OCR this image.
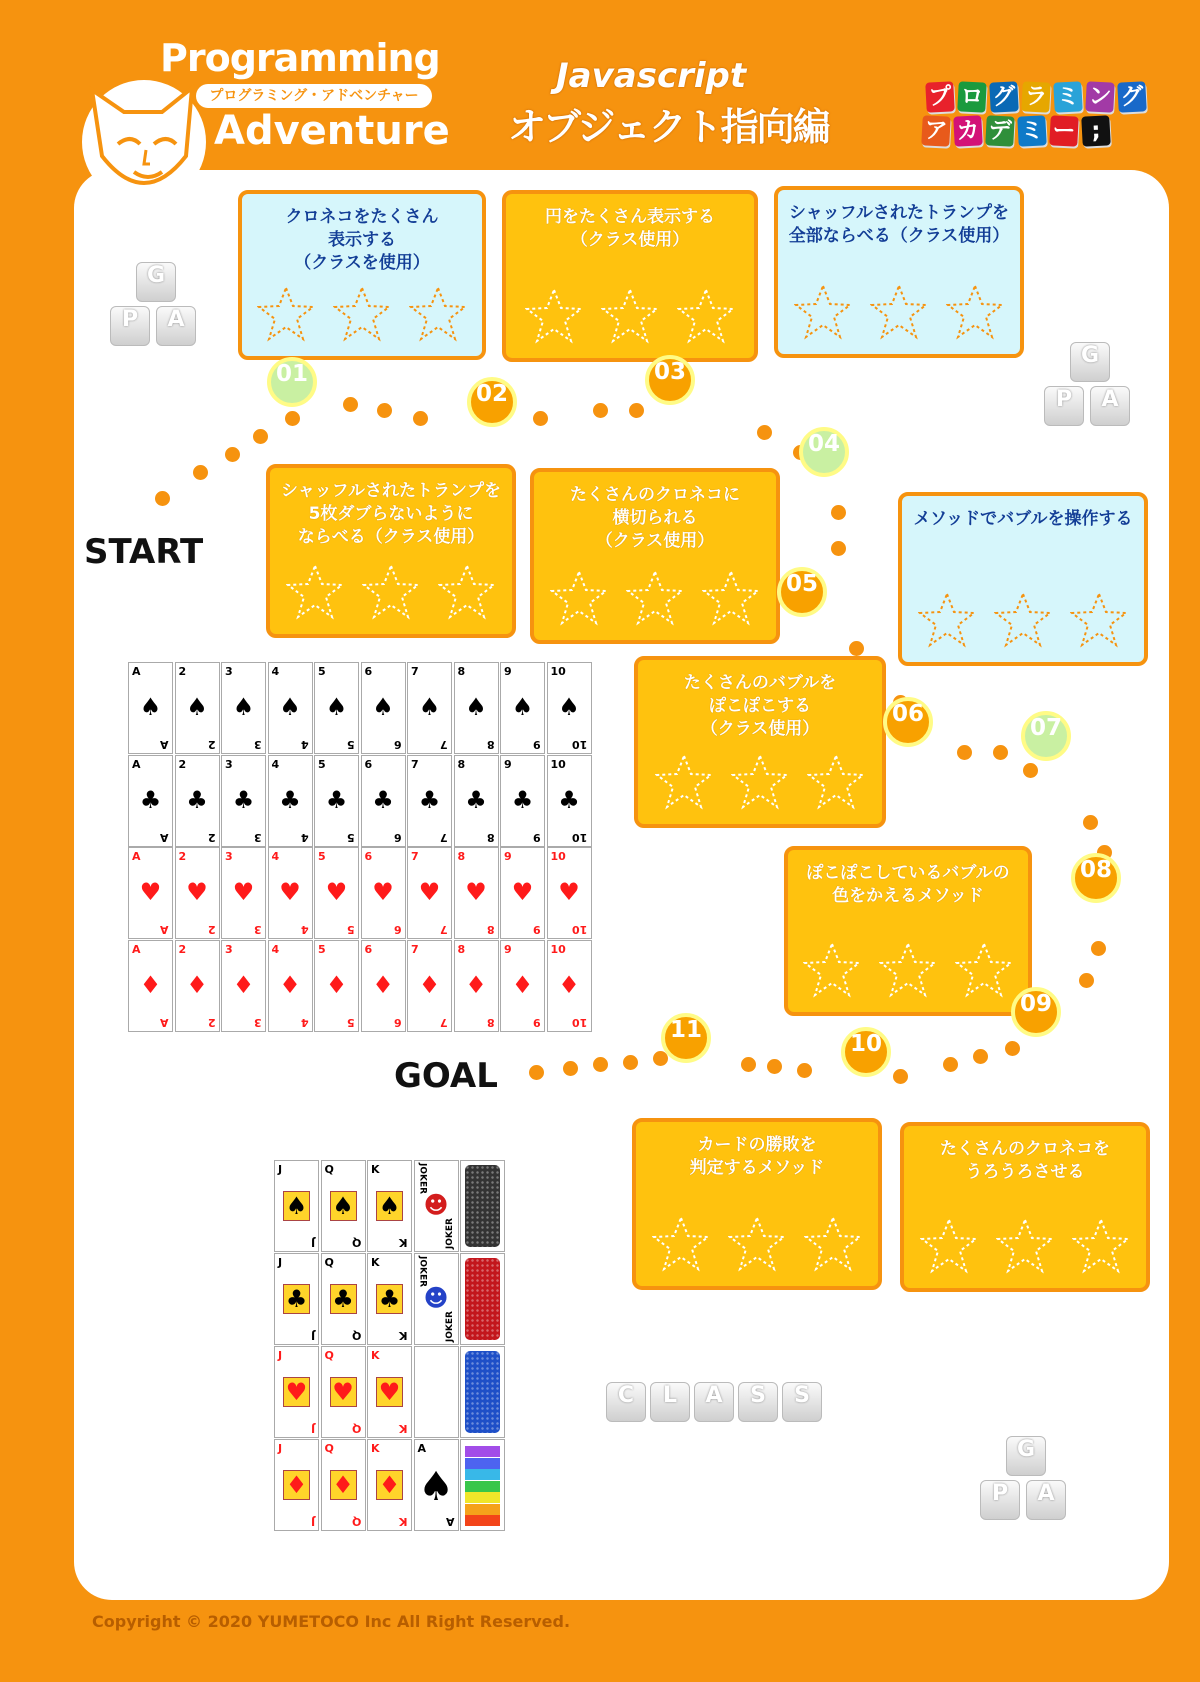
Programming
プログラミング・アドベンチャー
Adventure
Javascript
オブジェクト指向編
プ ロ グ ラ ミ ン グ
ア カ デ ミ ー ;
G
P	A
G
P	A
G
P	A
C	L	A	S	S
START
GOAL
クロネコをたくさん
表示する
（クラスを使用）
シャッフルされたトランプを
5枚ダブらないように
ならべる（クラス使用）
円をたくさん表示する
（クラス使用）
シャッフルされたトランプを
全部ならべる（クラス使用）
たくさんのクロネコに
横切られる
（クラス使用）
たくさんのバブルを
ぽこぽこする
（クラス使用）
メソッドでバブルを操作する
ぽこぽこしているバブルの
色をかえるメソッド
たくさんのクロネコを
うろうろさせる
カードの勝敗を
判定するメソッド
01
02
03
04
05
06
07
08
09
10
11
A
♠
A
2
♠
2
3
♠
3
4
♠
4
5
♠
5
6
♠
6
7
♠
7
8
♠
8
9
♠
9
10
♠
10
A
♣
A
2
♣
2
3
♣
3
4
♣
4
5
♣
5
6
♣
6
7
♣
7
8
♣
8
9
♣
9
10
♣
10
A
♥
A
2
♥
2
3
♥
3
4
♥
4
5
♥
5
6
♥
6
7
♥
7
8
♥
8
9
♥
9
10
♥
10
A
♦
A
2
♦
2
3
♦
3
4
♦
4
5
♦
5
6
♦
6
7
♦
7
8
♦
8
9
♦
9
10
♦
10
J
♠
J
Q
♠
Q
K
♠
K
JOKER
JOKER
☻
J
♣
J
Q
♣
Q
K
♣
K
JOKER
JOKER
☻
J
♥
J
Q
♥
Q
K
♥
K
J
♦
J
Q
♦
Q
K
♦
K
A
♠
A
Copyright © 2020 YUMETOCO Inc All Right Reserved.
